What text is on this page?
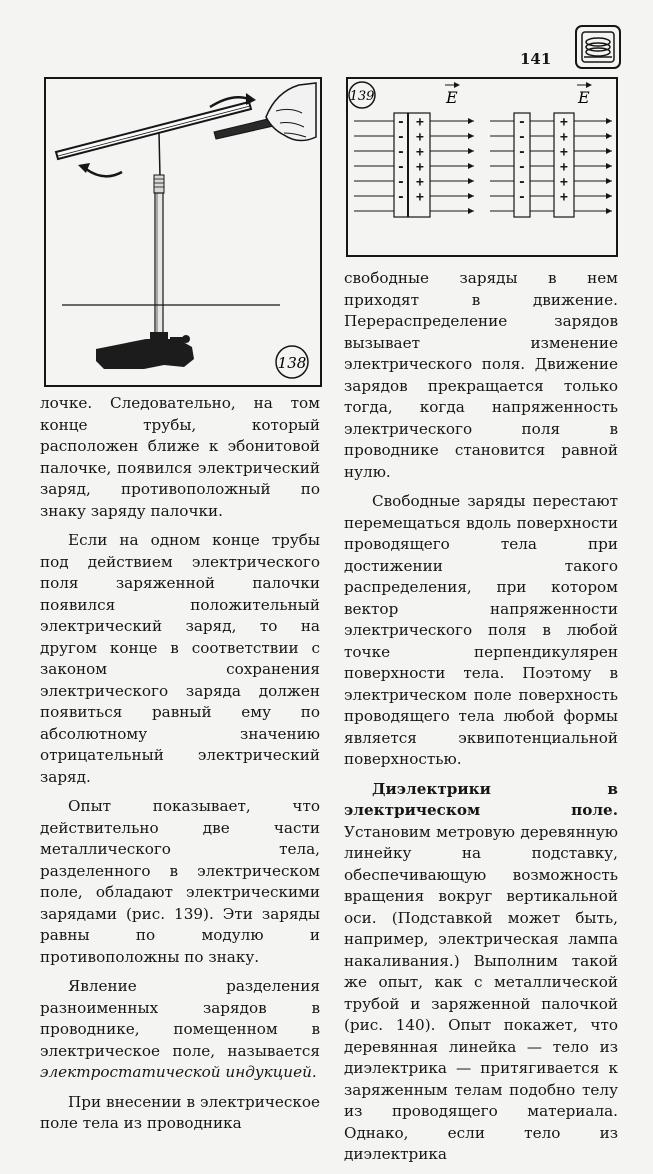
141
138
139	E	E
-
-
-
-
-
-
+
+
+
+
+
+
-
-
-
-
-
-
+
+
+
+
+
+

лочке. Следовательно, на том конце трубы, который расположен ближе к эбонитовой палочке, появился электрический заряд, противоположный по знаку заряду палочки.

Если на одном конце трубы под действием электрического поля заряженной палочки появился положительный электрический заряд, то на другом конце в соответствии с законом сохранения электрического заряда должен появиться равный ему по абсолютному значению отрицательный электрический заряд.

Опыт показывает, что действительно две части металлического тела, разделенного в электрическом поле, обладают электрическими зарядами (рис. 139). Эти заряды равны по модулю и противоположны по знаку.

Явление разделения разноименных зарядов в проводнике, помещенном в электрическое поле, называется электростатической индукцией.

При внесении в электрическое поле тела из проводника

свободные заряды в нем приходят в движение. Перераспределение зарядов вызывает изменение электрического поля. Движение зарядов прекращается только тогда, когда напряженность электрического поля в проводнике становится равной нулю.

Свободные заряды перестают перемещаться вдоль поверхности проводящего тела при достижении такого распределения, при котором вектор напряженности электрического поля в любой точке перпендикулярен поверхности тела. Поэтому в электрическом поле поверхность проводящего тела любой формы является эквипотенциальной поверхностью.

Диэлектрики в электрическом поле. Установим метровую деревянную линейку на подставку, обеспечивающую возможность вращения вокруг вертикальной оси. (Подставкой может быть, например, электрическая лампа накаливания.) Выполним такой же опыт, как с металлической трубой и заряженной палочкой (рис. 140). Опыт покажет, что деревянная линейка — тело из диэлектрика — притягивается к заряженным телам подобно телу из проводящего материала. Однако, если тело из диэлектрика
